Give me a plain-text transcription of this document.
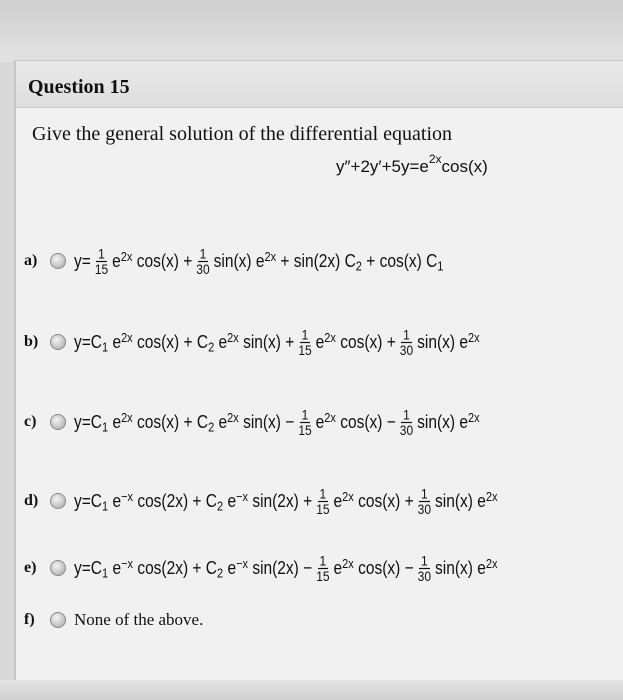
Question 15
Give the general solution of the differential equation
$y''+2y'+5y=e^{2x}\cos(x)$
a)	$y= \frac{1}{15} e^{2x}$
$\cos(x) + \frac{1}{30} \sin(x)$ $e^{2x}$
+ sin(2x) $C_2$
+ cos(x) $C_1$
b)	$y=C_1$
$e^{2x}$
$\cos(x) + C_2$
$e^{2x}$
$\sin(x) + \frac{1}{15} e^{2x}$
$\cos(x) + \frac{1}{30} \sin(x)$ $e^{2x}$
c)	$y=C_1$
$e^{2x}$
$\cos(x) + C_2$
$e^{2x}$
$\sin(x) - \frac{1}{15} e^{2x}$
$\cos(x) - \frac{1}{30} \sin(x)$ $e^{2x}$
d)	$y=C_1$
$e^{-x}$
$\cos(2x) + C_2$
$e^{-x}$
$\sin(2x) + \frac{1}{15} e^{2x}$
$\cos(x) + \frac{1}{30} \sin(x)$ $e^{2x}$
e)	$y=C_1$
$e^{-x}$
$\cos(2x) + C_2$
$e^{-x}$
$\sin(2x) - \frac{1}{15} e^{2x}$
$\cos(x) - \frac{1}{30} \sin(x)$ $e^{2x}$
f)	None of the above.
